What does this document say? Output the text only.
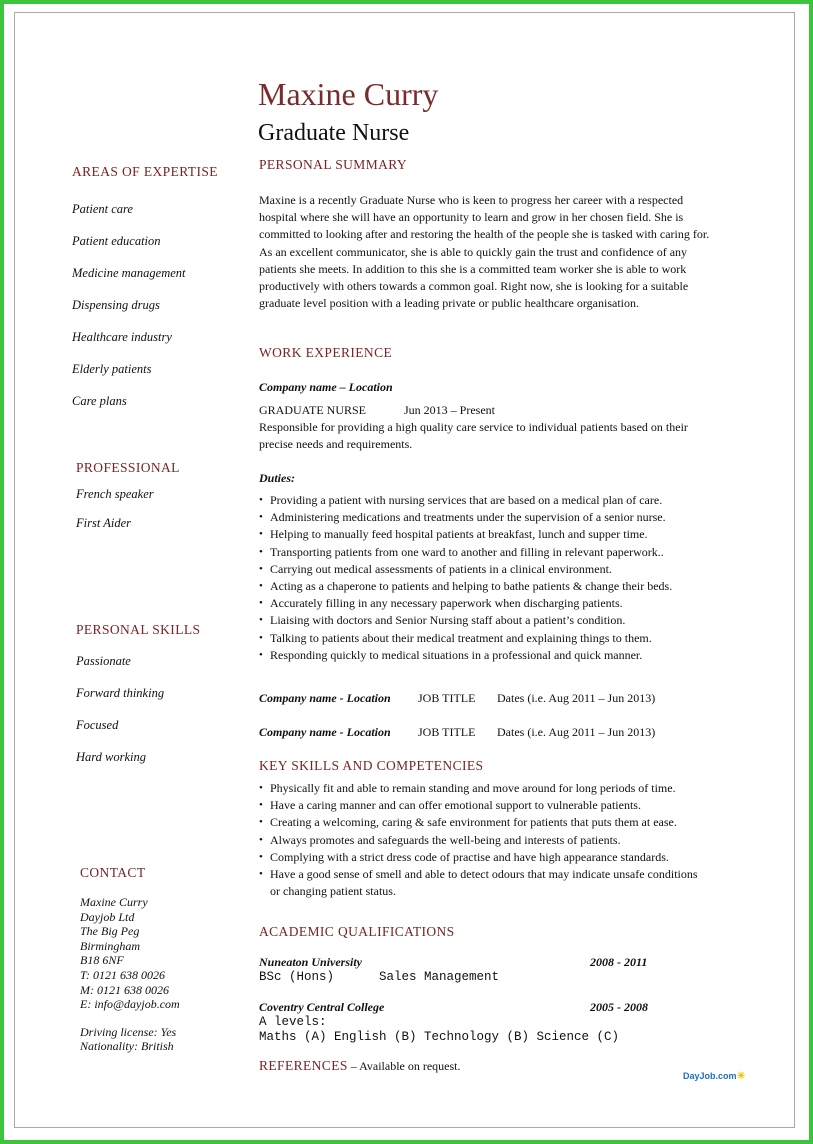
Maxine Curry
Graduate Nurse
AREAS OF EXPERTISE
Patient care
Patient education
Medicine management
Dispensing drugs
Healthcare industry
Elderly patients
Care plans
PROFESSIONAL
French speaker
First Aider
PERSONAL SKILLS
Passionate
Forward thinking
Focused
Hard working
CONTACT
Maxine Curry
Dayjob Ltd
The Big Peg
Birmingham
B18 6NF
T: 0121 638 0026
M: 0121 638 0026
E: info@dayjob.com
Driving license: Yes
Nationality: British
PERSONAL SUMMARY
Maxine is a recently Graduate Nurse who is keen to progress her career with a respected hospital where she will have an opportunity to learn and grow in her chosen field. She is committed to looking after and restoring the health of the people she is tasked with caring for. As an excellent communicator, she is able to quickly gain the trust and confidence of any patients she meets. In addition to this she is a committed team worker she is able to work productively with others towards a common goal. Right now, she is looking for a suitable graduate level position with a leading private or public healthcare organisation.
WORK EXPERIENCE
Company name – Location
GRADUATE NURSE	Jun 2013 – Present
Responsible for providing a high quality care service to individual patients based on their precise needs and requirements.
Duties:
• Providing a patient with nursing services that are based on a medical plan of care.
• Administering medications and treatments under the supervision of a senior nurse.
• Helping to manually feed hospital patients at breakfast, lunch and supper time.
• Transporting patients from one ward to another and filling in relevant paperwork..
• Carrying out medical assessments of patients in a clinical environment.
• Acting as a chaperone to patients and helping to bathe patients & change their beds.
• Accurately filling in any necessary paperwork when discharging patients.
• Liaising with doctors and Senior Nursing staff about a patient’s condition.
• Talking to patients about their medical treatment and explaining things to them.
• Responding quickly to medical situations in a professional and quick manner.
Company name - Location JOB TITLE Dates (i.e. Aug 2011 – Jun 2013)
Company name - Location JOB TITLE Dates (i.e. Aug 2011 – Jun 2013)
KEY SKILLS AND COMPETENCIES
• Physically fit and able to remain standing and move around for long periods of time.
• Have a caring manner and can offer emotional support to vulnerable patients.
• Creating a welcoming, caring & safe environment for patients that puts them at ease.
• Always promotes and safeguards the well-being and interests of patients.
• Complying with a strict dress code of practise and have high appearance standards.
• Have a good sense of smell and able to detect odours that may indicate unsafe conditions or changing patient status.
ACADEMIC QUALIFICATIONS
Nuneaton University	2008 - 2011
BSc (Hons)      Sales Management
Coventry Central College	2005 - 2008
A levels:
Maths (A) English (B) Technology (B) Science (C)
REFERENCES – Available on request.
DayJob.com☀
